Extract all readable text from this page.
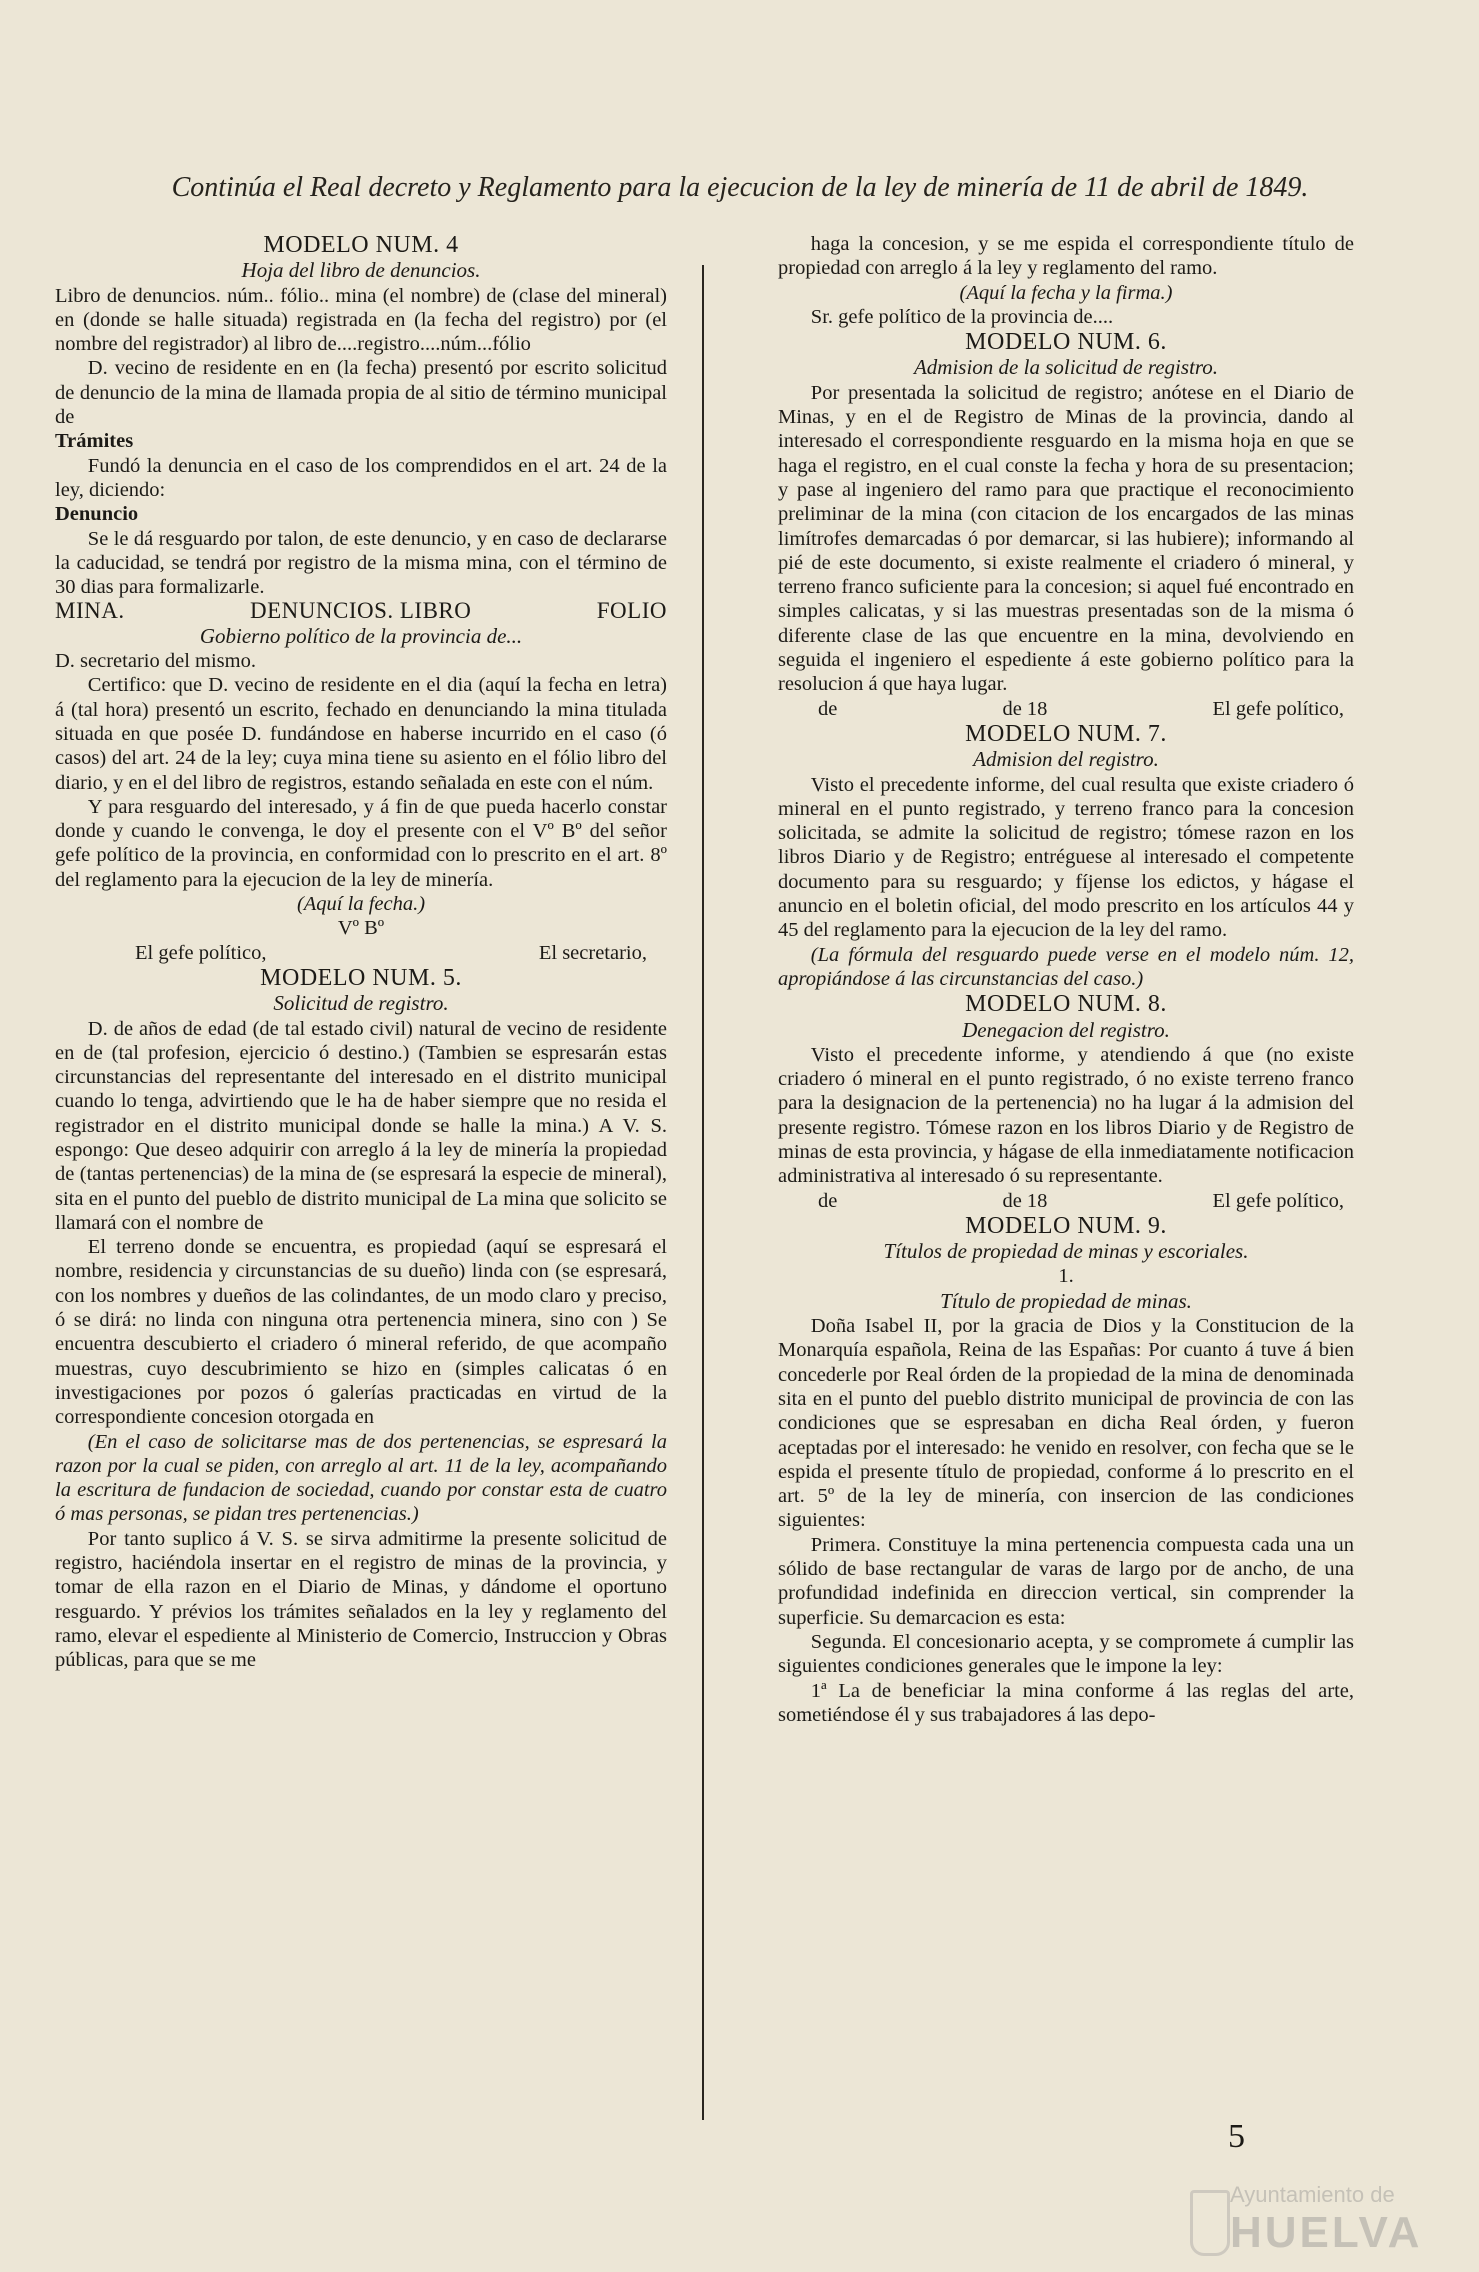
Continúa el Real decreto y Reglamento para la ejecucion de la ley de minería de 11 de abril de 1849.
MODELO NUM. 4
Hoja del libro de denuncios.

Libro de denuncios. núm.. fólio.. mina (el nombre) de (clase del mineral) en (donde se halle situada) registrada en (la fecha del registro) por (el nombre del registrador) al libro de....registro....núm...fólio

D. vecino de residente en en (la fecha) presentó por escrito solicitud de denuncio de la mina de llamada propia de al sitio de término municipal de

Trámites

Fundó la denuncia en el caso de los comprendidos en el art. 24 de la ley, diciendo:

Denuncio

Se le dá resguardo por talon, de este denuncio, y en caso de declararse la caducidad, se tendrá por registro de la misma mina, con el término de 30 dias para formalizarle.

MINA.	DENUNCIOS. LIBRO	FOLIO
Gobierno político de la provincia de...

D. secretario del mismo.

Certifico: que D. vecino de residente en el dia (aquí la fecha en letra) á (tal hora) presentó un escrito, fechado en denunciando la mina titulada situada en que posée D. fundándose en haberse incurrido en el caso (ó casos) del art. 24 de la ley; cuya mina tiene su asiento en el fólio libro del diario, y en el del libro de registros, estando señalada en este con el núm.

Y para resguardo del interesado, y á fin de que pueda hacerlo constar donde y cuando le convenga, le doy el presente con el Vº Bº del señor gefe político de la provincia, en conformidad con lo prescrito en el art. 8º del reglamento para la ejecucion de la ley de minería.

(Aquí la fecha.)
Vº Bº
El gefe político,	El secretario,
MODELO NUM. 5.
Solicitud de registro.

D. de años de edad (de tal estado civil) natural de vecino de residente en de (tal profesion, ejercicio ó destino.) (Tambien se espresarán estas circunstancias del representante del interesado en el distrito municipal cuando lo tenga, advirtiendo que le ha de haber siempre que no resida el registrador en el distrito municipal donde se halle la mina.) A V. S. espongo: Que deseo adquirir con arreglo á la ley de minería la propiedad de (tantas pertenencias) de la mina de (se espresará la especie de mineral), sita en el punto del pueblo de distrito municipal de La mina que solicito se llamará con el nombre de

El terreno donde se encuentra, es propiedad (aquí se espresará el nombre, residencia y circunstancias de su dueño) linda con (se espresará, con los nombres y dueños de las colindantes, de un modo claro y preciso, ó se dirá: no linda con ninguna otra pertenencia minera, sino con ) Se encuentra descubierto el criadero ó mineral referido, de que acompaño muestras, cuyo descubrimiento se hizo en (simples calicatas ó en investigaciones por pozos ó galerías practicadas en virtud de la correspondiente concesion otorgada en

(En el caso de solicitarse mas de dos pertenencias, se espresará la razon por la cual se piden, con arreglo al art. 11 de la ley, acompañando la escritura de fundacion de sociedad, cuando por constar esta de cuatro ó mas personas, se pidan tres pertenencias.)

Por tanto suplico á V. S. se sirva admitirme la presente solicitud de registro, haciéndola insertar en el registro de minas de la provincia, y tomar de ella razon en el Diario de Minas, y dándome el oportuno resguardo. Y prévios los trámites señalados en la ley y reglamento del ramo, elevar el espediente al Ministerio de Comercio, Instruccion y Obras públicas, para que se me

haga la concesion, y se me espida el correspondiente título de propiedad con arreglo á la ley y reglamento del ramo.

(Aquí la fecha y la firma.)

Sr. gefe político de la provincia de....

MODELO NUM. 6.
Admision de la solicitud de registro.

Por presentada la solicitud de registro; anótese en el Diario de Minas, y en el de Registro de Minas de la provincia, dando al interesado el correspondiente resguardo en la misma hoja en que se haga el registro, en el cual conste la fecha y hora de su presentacion; y pase al ingeniero del ramo para que practique el reconocimiento preliminar de la mina (con citacion de los encargados de las minas limítrofes demarcadas ó por demarcar, si las hubiere); informando al pié de este documento, si existe realmente el criadero ó mineral, y terreno franco suficiente para la concesion; si aquel fué encontrado en simples calicatas, y si las muestras presentadas son de la misma ó diferente clase de las que encuentre en la mina, devolviendo en seguida el ingeniero el espediente á este gobierno político para la resolucion á que haya lugar.

de	de 18	El gefe político,
MODELO NUM. 7.
Admision del registro.

Visto el precedente informe, del cual resulta que existe criadero ó mineral en el punto registrado, y terreno franco para la concesion solicitada, se admite la solicitud de registro; tómese razon en los libros Diario y de Registro; entréguese al interesado el competente documento para su resguardo; y fíjense los edictos, y hágase el anuncio en el boletin oficial, del modo prescrito en los artículos 44 y 45 del reglamento para la ejecucion de la ley del ramo.

(La fórmula del resguardo puede verse en el modelo núm. 12, apropiándose á las circunstancias del caso.)

MODELO NUM. 8.
Denegacion del registro.

Visto el precedente informe, y atendiendo á que (no existe criadero ó mineral en el punto registrado, ó no existe terreno franco para la designacion de la pertenencia) no ha lugar á la admision del presente registro. Tómese razon en los libros Diario y de Registro de minas de esta provincia, y hágase de ella inmediatamente notificacion administrativa al interesado ó su representante.

de	de 18	El gefe político,
MODELO NUM. 9.
Títulos de propiedad de minas y escoriales.
1.
Título de propiedad de minas.

Doña Isabel II, por la gracia de Dios y la Constitucion de la Monarquía española, Reina de las Españas: Por cuanto á tuve á bien concederle por Real órden de la propiedad de la mina de denominada sita en el punto del pueblo distrito municipal de provincia de con las condiciones que se espresaban en dicha Real órden, y fueron aceptadas por el interesado: he venido en resolver, con fecha que se le espida el presente título de propiedad, conforme á lo prescrito en el art. 5º de la ley de minería, con insercion de las condiciones siguientes:

Primera. Constituye la mina pertenencia compuesta cada una un sólido de base rectangular de varas de largo por de ancho, de una profundidad indefinida en direccion vertical, sin comprender la superficie. Su demarcacion es esta:

Segunda. El concesionario acepta, y se compromete á cumplir las siguientes condiciones generales que le impone la ley:

1ª La de beneficiar la mina conforme á las reglas del arte, sometiéndose él y sus trabajadores á las depo-

5
Ayuntamiento de
HUELVA
